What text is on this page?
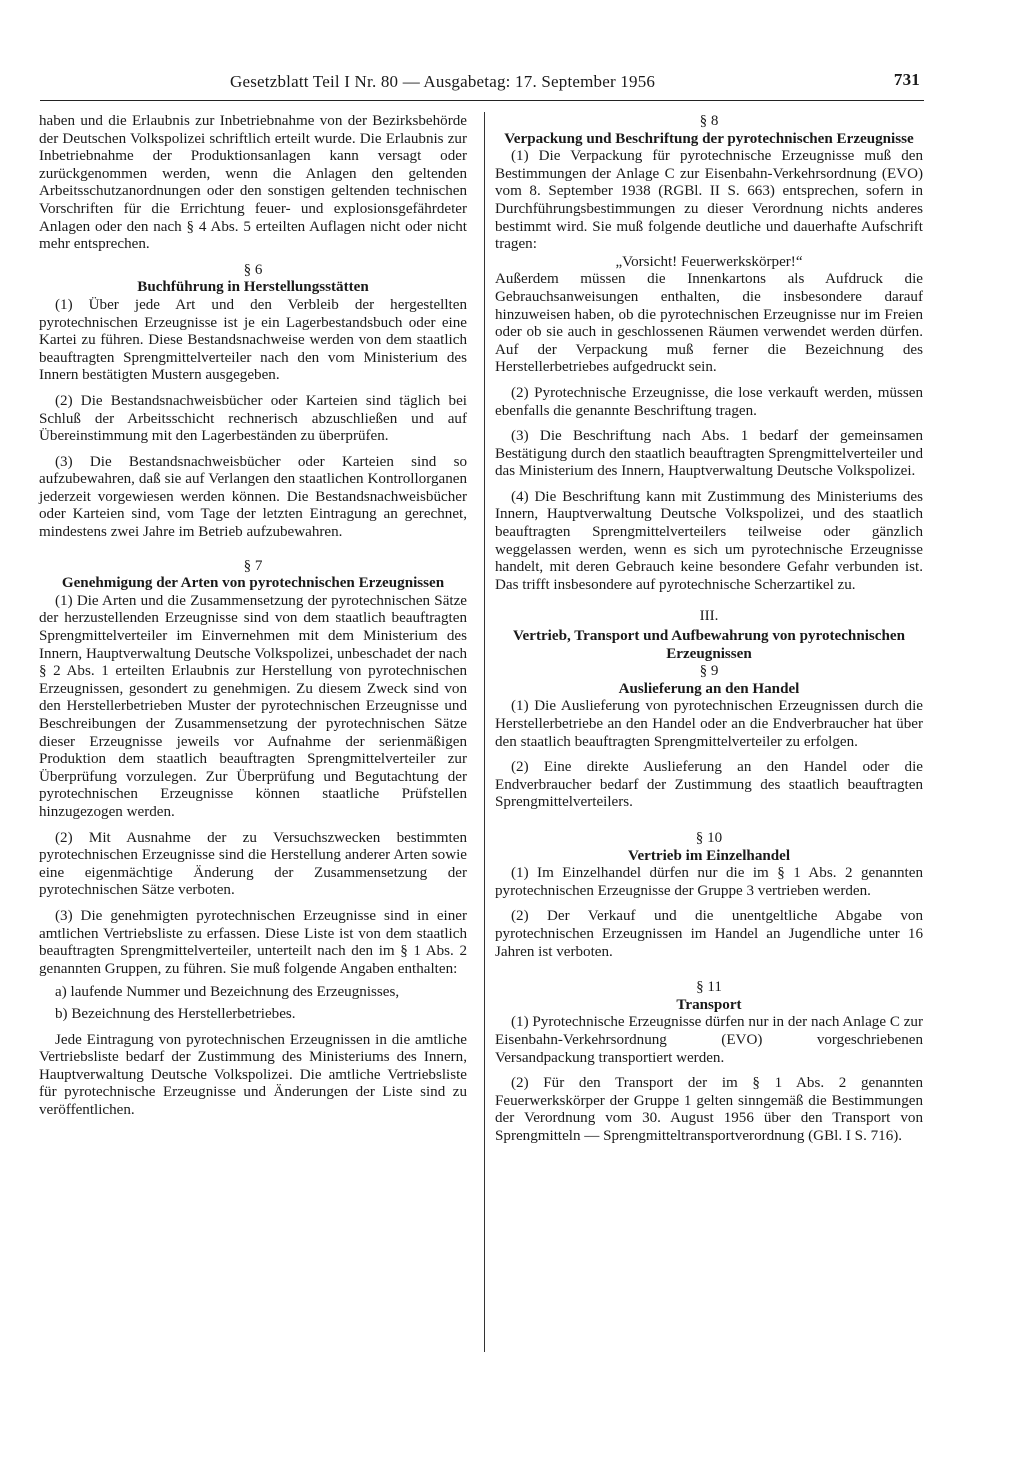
Gesetzblatt Teil I Nr. 80 — Ausgabetag: 17. September 1956	731

haben und die Erlaubnis zur Inbetriebnahme von der Bezirksbehörde der Deutschen Volkspolizei schriftlich erteilt wurde. Die Erlaubnis zur Inbetriebnahme der Produktionsanlagen kann versagt oder zurückgenommen werden, wenn die Anlagen den geltenden Arbeitsschutzanordnungen oder den sonstigen geltenden technischen Vorschriften für die Errichtung feuer- und explosionsgefährdeter Anlagen oder den nach § 4 Abs. 5 erteilten Auflagen nicht oder nicht mehr entsprechen.

§ 6
Buchführung in Herstellungsstätten

(1) Über jede Art und den Verbleib der hergestellten pyrotechnischen Erzeugnisse ist je ein Lagerbestandsbuch oder eine Kartei zu führen. Diese Bestandsnachweise werden von dem staatlich beauftragten Sprengmittelverteiler nach den vom Ministerium des Innern bestätigten Mustern ausgegeben.

(2) Die Bestandsnachweisbücher oder Karteien sind täglich bei Schluß der Arbeitsschicht rechnerisch abzuschließen und auf Übereinstimmung mit den Lagerbeständen zu überprüfen.

(3) Die Bestandsnachweisbücher oder Karteien sind so aufzubewahren, daß sie auf Verlangen den staatlichen Kontrollorganen jederzeit vorgewiesen werden können. Die Bestandsnachweisbücher oder Karteien sind, vom Tage der letzten Eintragung an gerechnet, mindestens zwei Jahre im Betrieb aufzubewahren.

§ 7
Genehmigung der Arten von pyrotechnischen Erzeugnissen

(1) Die Arten und die Zusammensetzung der pyrotechnischen Sätze der herzustellenden Erzeugnisse sind von dem staatlich beauftragten Sprengmittelverteiler im Einvernehmen mit dem Ministerium des Innern, Hauptverwaltung Deutsche Volkspolizei, unbeschadet der nach § 2 Abs. 1 erteilten Erlaubnis zur Herstellung von pyrotechnischen Erzeugnissen, gesondert zu genehmigen. Zu diesem Zweck sind von den Herstellerbetrieben Muster der pyrotechnischen Erzeugnisse und Beschreibungen der Zusammensetzung der pyrotechnischen Sätze dieser Erzeugnisse jeweils vor Aufnahme der serienmäßigen Produktion dem staatlich beauftragten Sprengmittelverteiler zur Überprüfung vorzulegen. Zur Überprüfung und Begutachtung der pyrotechnischen Erzeugnisse können staatliche Prüfstellen hinzugezogen werden.

(2) Mit Ausnahme der zu Versuchszwecken bestimmten pyrotechnischen Erzeugnisse sind die Herstellung anderer Arten sowie eine eigenmächtige Änderung der Zusammensetzung der pyrotechnischen Sätze verboten.

(3) Die genehmigten pyrotechnischen Erzeugnisse sind in einer amtlichen Vertriebsliste zu erfassen. Diese Liste ist von dem staatlich beauftragten Sprengmittelverteiler, unterteilt nach den im § 1 Abs. 2 genannten Gruppen, zu führen. Sie muß folgende Angaben enthalten:

a) laufende Nummer und Bezeichnung des Erzeugnisses,
b) Bezeichnung des Herstellerbetriebes.

Jede Eintragung von pyrotechnischen Erzeugnissen in die amtliche Vertriebsliste bedarf der Zustimmung des Ministeriums des Innern, Hauptverwaltung Deutsche Volkspolizei. Die amtliche Vertriebsliste für pyrotechnische Erzeugnisse und Änderungen der Liste sind zu veröffentlichen.

§ 8
Verpackung und Beschriftung der pyrotechnischen Erzeugnisse

(1) Die Verpackung für pyrotechnische Erzeugnisse muß den Bestimmungen der Anlage C zur Eisenbahn-Verkehrsordnung (EVO) vom 8. September 1938 (RGBl. II S. 663) entsprechen, sofern in Durchführungsbestimmungen zu dieser Verordnung nichts anderes bestimmt wird. Sie muß folgende deutliche und dauerhafte Aufschrift tragen:

„Vorsicht! Feuerwerkskörper!“

Außerdem müssen die Innenkartons als Aufdruck die Gebrauchsanweisungen enthalten, die insbesondere darauf hinzuweisen haben, ob die pyrotechnischen Erzeugnisse nur im Freien oder ob sie auch in geschlossenen Räumen verwendet werden dürfen. Auf der Verpackung muß ferner die Bezeichnung des Herstellerbetriebes aufgedruckt sein.

(2) Pyrotechnische Erzeugnisse, die lose verkauft werden, müssen ebenfalls die genannte Beschriftung tragen.

(3) Die Beschriftung nach Abs. 1 bedarf der gemeinsamen Bestätigung durch den staatlich beauftragten Sprengmittelverteiler und das Ministerium des Innern, Hauptverwaltung Deutsche Volkspolizei.

(4) Die Beschriftung kann mit Zustimmung des Ministeriums des Innern, Hauptverwaltung Deutsche Volkspolizei, und des staatlich beauftragten Sprengmittelverteilers teilweise oder gänzlich weggelassen werden, wenn es sich um pyrotechnische Erzeugnisse handelt, mit deren Gebrauch keine besondere Gefahr verbunden ist. Das trifft insbesondere auf pyrotechnische Scherzartikel zu.

III.
Vertrieb, Transport und Aufbewahrung von pyrotechnischen Erzeugnissen
§ 9
Auslieferung an den Handel

(1) Die Auslieferung von pyrotechnischen Erzeugnissen durch die Herstellerbetriebe an den Handel oder an die Endverbraucher hat über den staatlich beauftragten Sprengmittelverteiler zu erfolgen.

(2) Eine direkte Auslieferung an den Handel oder die Endverbraucher bedarf der Zustimmung des staatlich beauftragten Sprengmittelverteilers.

§ 10
Vertrieb im Einzelhandel

(1) Im Einzelhandel dürfen nur die im § 1 Abs. 2 genannten pyrotechnischen Erzeugnisse der Gruppe 3 vertrieben werden.

(2) Der Verkauf und die unentgeltliche Abgabe von pyrotechnischen Erzeugnissen im Handel an Jugendliche unter 16 Jahren ist verboten.

§ 11
Transport

(1) Pyrotechnische Erzeugnisse dürfen nur in der nach Anlage C zur Eisenbahn-Verkehrsordnung (EVO) vorgeschriebenen Versandpackung transportiert werden.

(2) Für den Transport der im § 1 Abs. 2 genannten Feuerwerkskörper der Gruppe 1 gelten sinngemäß die Bestimmungen der Verordnung vom 30. August 1956 über den Transport von Sprengmitteln — Sprengmitteltransportverordnung (GBl. I S. 716).
